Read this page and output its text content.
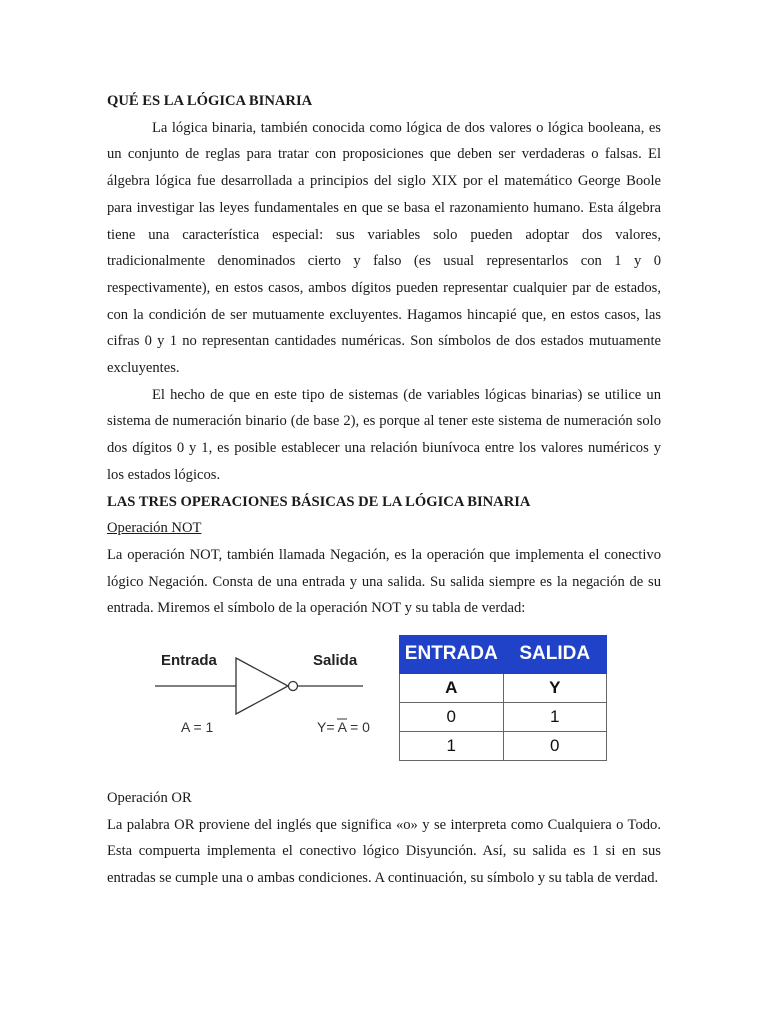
QUÉ ES LA LÓGICA BINARIA

La lógica binaria, también conocida como lógica de dos valores o lógica booleana, es un conjunto de reglas para tratar con proposiciones que deben ser verdaderas o falsas. El álgebra lógica fue desarrollada a principios del siglo XIX por el matemático George Boole para investigar las leyes fundamentales en que se basa el razonamiento humano. Esta álgebra tiene una característica especial: sus variables solo pueden adoptar dos valores, tradicionalmente denominados cierto y falso (es usual representarlos con 1 y 0 respectivamente), en estos casos, ambos dígitos pueden representar cualquier par de estados, con la condición de ser mutuamente excluyentes. Hagamos hincapié que, en estos casos, las cifras 0 y 1 no representan cantidades numéricas. Son símbolos de dos estados mutuamente excluyentes.

El hecho de que en este tipo de sistemas (de variables lógicas binarias) se utilice un sistema de numeración binario (de base 2), es porque al tener este sistema de numeración solo dos dígitos 0 y 1, es posible establecer una relación biunívoca entre los valores numéricos y los estados lógicos.

LAS TRES OPERACIONES BÁSICAS DE LA LÓGICA BINARIA
Operación NOT

La operación NOT, también llamada Negación, es la operación que implementa el conectivo lógico Negación. Consta de una entrada y una salida. Su salida siempre es la negación de su entrada. Miremos el símbolo de la operación NOT y su tabla de verdad:

Entrada	Salida
A = 1	Y= A = 0
ENTRADA	SALIDA
A	Y
0	1
1	0
Operación OR

La palabra OR proviene del inglés que significa «o» y se interpreta como Cualquiera o Todo. Esta compuerta implementa el conectivo lógico Disyunción. Así, su salida es 1 si en sus entradas se cumple una o ambas condiciones. A continuación, su símbolo y su tabla de verdad.
